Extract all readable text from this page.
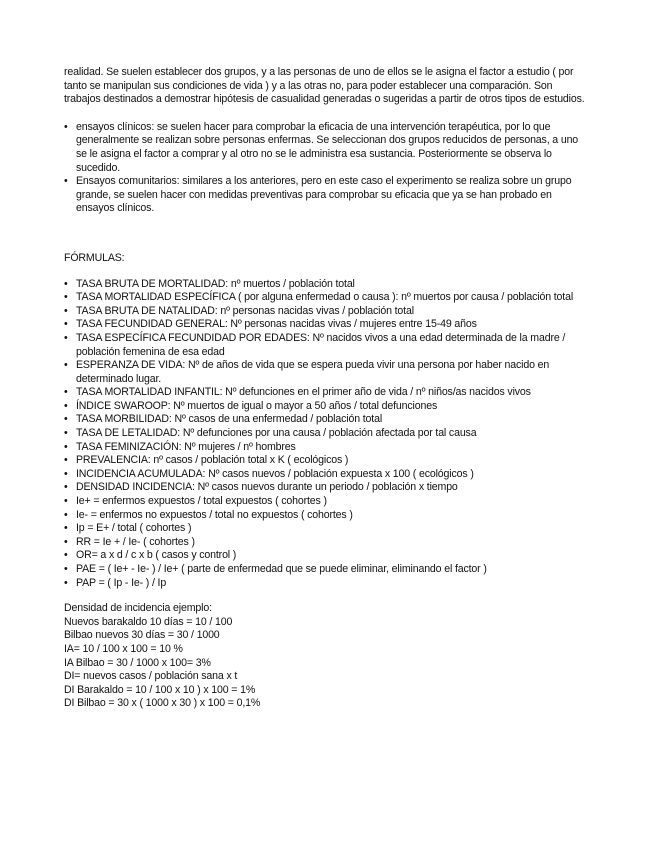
realidad. Se suelen establecer dos grupos, y a las personas de uno de ellos se le asigna el factor a estudio ( por tanto se manipulan sus condiciones de vida ) y a las otras no, para poder establecer una comparación. Son trabajos destinados a demostrar hipótesis de casualidad generadas o sugeridas a partir de otros tipos de estudios.

• ensayos clínicos: se suelen hacer para comprobar la eficacia de una intervención terapéutica, por lo que generalmente se realizan sobre personas enfermas. Se seleccionan dos grupos reducidos de personas, a uno se le asigna el factor a comprar y al otro no se le administra esa sustancia. Posteriormente se observa lo sucedido.
• Ensayos comunitarios: similares a los anteriores, pero en este caso el experimento se realiza sobre un grupo grande, se suelen hacer con medidas preventivas para comprobar su eficacia que ya se han probado en ensayos clínicos.

FÓRMULAS:

• TASA BRUTA DE MORTALIDAD: nº muertos / población total
• TASA MORTALIDAD ESPECÍFICA ( por alguna enfermedad o causa ): nº muertos por causa / población total
• TASA BRUTA DE NATALIDAD: nº personas nacidas vivas / población total
• TASA FECUNDIDAD GENERAL: Nº personas nacidas vivas / mujeres entre 15-49 años
• TASA ESPECÍFICA FECUNDIDAD POR EDADES: Nº nacidos vivos a una edad determinada de la madre / población femenina de esa edad
• ESPERANZA DE VIDA: Nº de años de vida que se espera pueda vivir una persona por haber nacido en determinado lugar.
• TASA MORTALIDAD INFANTIL: Nº defunciones en el primer año de vida / nº niños/as nacidos vivos
• ÍNDICE SWAROOP: Nº muertos de igual o mayor a 50 años / total defunciones
• TASA MORBILIDAD: Nº casos de una enfermedad / población total
• TASA DE LETALIDAD: Nº defunciones por una causa / población afectada por tal causa
• TASA FEMINIZACIÓN: Nº mujeres / nº hombres
• PREVALENCIA: nº casos / población total x K ( ecológicos )
• INCIDENCIA ACUMULADA: Nº casos nuevos / población expuesta x 100 ( ecológicos )
• DENSIDAD INCIDENCIA: Nº casos nuevos durante un periodo / población x tiempo
• Ie+ = enfermos expuestos / total expuestos ( cohortes )
• Ie- = enfermos no expuestos / total no expuestos ( cohortes )
• Ip = E+ / total ( cohortes )
• RR = Ie + / Ie- ( cohortes )
• OR= a x d / c x b ( casos y control )
• PAE = ( Ie+ - Ie- ) / Ie+ ( parte de enfermedad que se puede eliminar, eliminando el factor )
• PAP = ( Ip - Ie- ) / Ip

Densidad de incidencia ejemplo:

Nuevos barakaldo 10 días = 10 / 100

Bilbao nuevos 30 días = 30 / 1000

IA= 10 / 100 x 100 = 10 %

IA Bilbao = 30 / 1000 x 100= 3%

DI= nuevos casos / población sana x t

DI Barakaldo = 10 / 100 x 10 ) x 100 = 1%

DI Bilbao = 30 x ( 1000 x 30 ) x 100 = 0,1%
